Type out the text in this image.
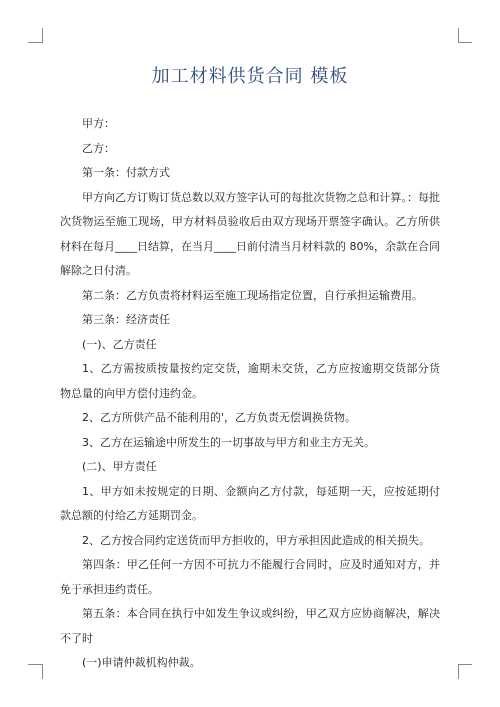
加工材料供货合同 模板

甲方：

乙方：

第一条：付款方式

甲方向乙方订购订货总数以双方签字认可的每批次货物之总和计算。：每批次货物运至施工现场，甲方材料员验收后由双方现场开票签字确认。乙方所供材料在每月____日结算，在当月____日前付清当月材料款的 80%，余款在合同解除之日付清。

第二条：乙方负责将材料运至施工现场指定位置，自行承担运输费用。

第三条：经济责任

(一)、乙方责任

1、乙方需按质按量按约定交货，逾期未交货，乙方应按逾期交货部分货物总量的向甲方偿付违约金。

2、乙方所供产品不能利用的'，乙方负责无偿调换货物。

3、乙方在运输途中所发生的一切事故与甲方和业主方无关。

(二)、甲方责任

1、甲方如未按规定的日期、金额向乙方付款，每延期一天，应按延期付款总额的付给乙方延期罚金。

2、乙方按合同约定送货而甲方拒收的，甲方承担因此造成的相关损失。

第四条：甲乙任何一方因不可抗力不能履行合同时，应及时通知对方，并免于承担违约责任。

第五条：本合同在执行中如发生争议或纠纷，甲乙双方应协商解决，解决不了时

(一)申请仲裁机构仲裁。
